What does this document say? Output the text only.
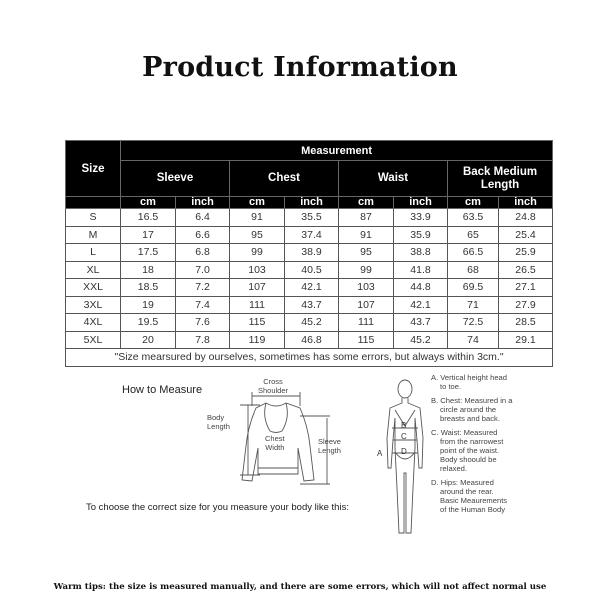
Product Information
Size	Measurement							
	Sleeve		Chest		Waist		Back Medium
Length	
	cm	inch	cm	inch	cm	inch	cm	inch
S	16.5	6.4	91	35.5	87	33.9	63.5	24.8
M	17	6.6	95	37.4	91	35.9	65	25.4
L	17.5	6.8	99	38.9	95	38.8	66.5	25.9
XL	18	7.0	103	40.5	99	41.8	68	26.5
XXL	18.5	7.2	107	42.1	103	44.8	69.5	27.1
3XL	19	7.4	111	43.7	107	42.1	71	27.9
4XL	19.5	7.6	115	45.2	111	43.7	72.5	28.5
5XL	20	7.8	119	46.8	115	45.2	74	29.1
"Size mearsured by ourselves, sometimes has some errors, but always within 3cm."								
How to Measure
Cross
Shoulder
Body
Length
Chest
Width
Sleeve
Length
To choose the correct size for you measure your body like this:
B
C
D
A
A. Vertical height head

to toe.
B. Chest: Measured in a

circle around the
breasts and back.
C. Waist: Measured

from the narrowest
point of the waist.
Body shoould be
relaxed.
D. Hips: Measured

around the rear.
Basic Meaurements
of the Human Body
Warm tips: the size is measured manually, and there are some errors, which will not affect normal use
